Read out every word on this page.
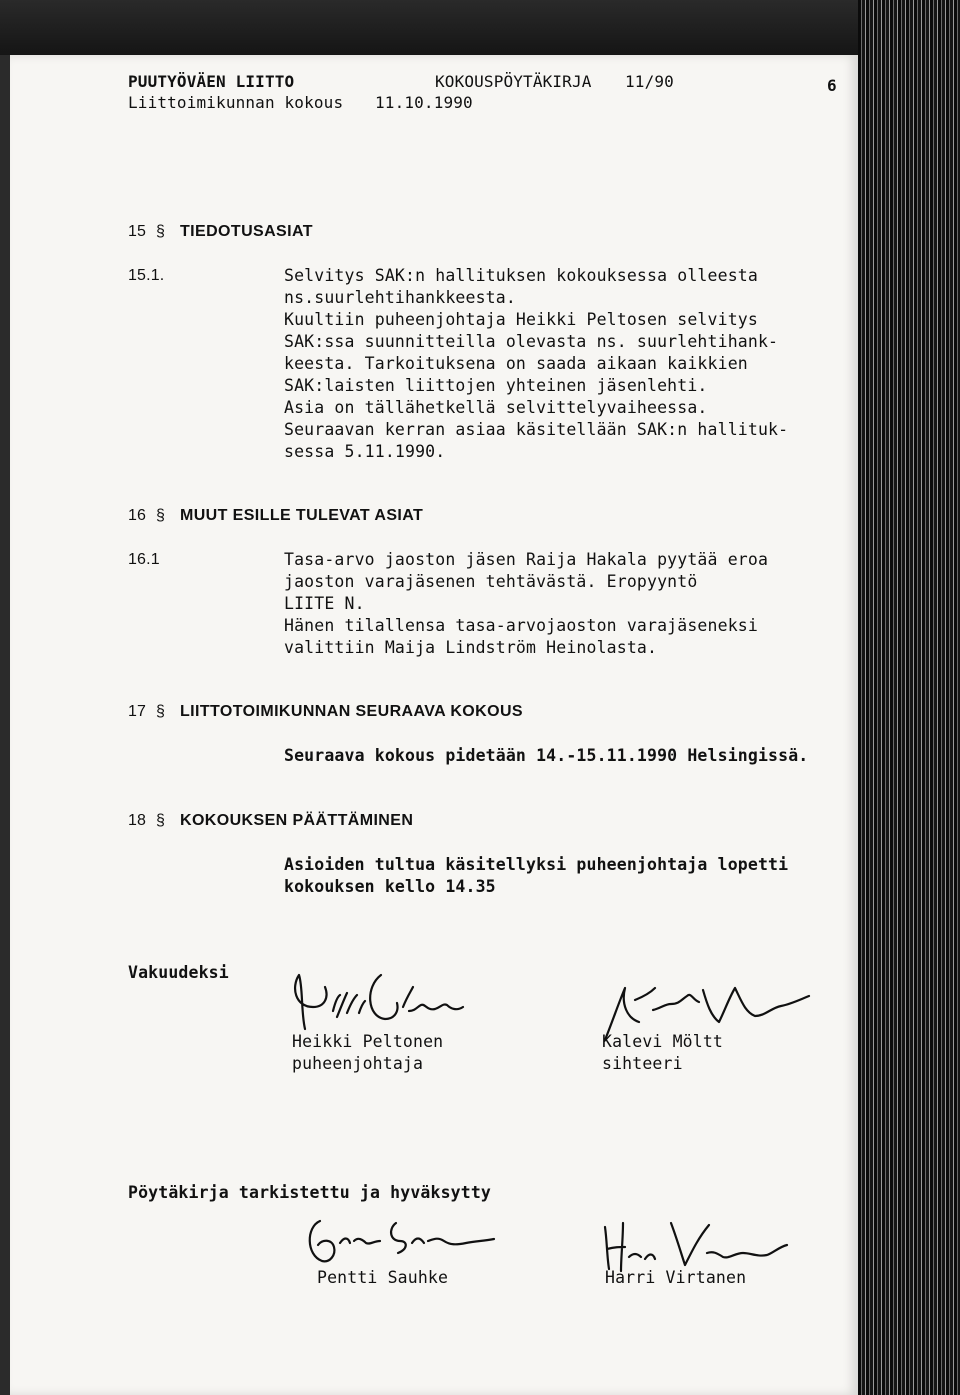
PUUTYÖVÄEN LIITTO	KOKOUSPÖYTÄKIRJA 11/90	6
Liittoimikunnan kokous 11.10.1990
15 § TIEDOTUSASIAT
15.1.	Selvitys SAK:n hallituksen kokouksessa olleesta
ns.suurlehtihankkeesta.
Kuultiin puheenjohtaja Heikki Peltosen selvitys
SAK:ssa suunnitteilla olevasta ns. suurlehtihank-
keesta. Tarkoituksena on saada aikaan kaikkien
SAK:laisten liittojen yhteinen jäsenlehti.
Asia on tällähetkellä selvittelyvaiheessa.
Seuraavan kerran asiaa käsitellään SAK:n hallituk-
sessa 5.11.1990.
16 § MUUT ESILLE TULEVAT ASIAT
16.1	Tasa-arvo jaoston jäsen Raija Hakala pyytää eroa
jaoston varajäsenen tehtävästä. Eropyyntö
LIITE N.
Hänen tilallensa tasa-arvojaoston varajäseneksi
valittiin Maija Lindström Heinolasta.
17 § LIITTOTOIMIKUNNAN SEURAAVA KOKOUS
Seuraava kokous pidetään 14.-15.11.1990 Helsingissä.
18 § KOKOUKSEN PÄÄTTÄMINEN
Asioiden tultua käsitellyksi puheenjohtaja lopetti
kokouksen kello 14.35
Vakuudeksi
Heikki Peltonen
puheenjohtaja
Kalevi Möltt
sihteeri
Pöytäkirja tarkistettu ja hyväksytty
Pentti Sauhke	Harri Virtanen
